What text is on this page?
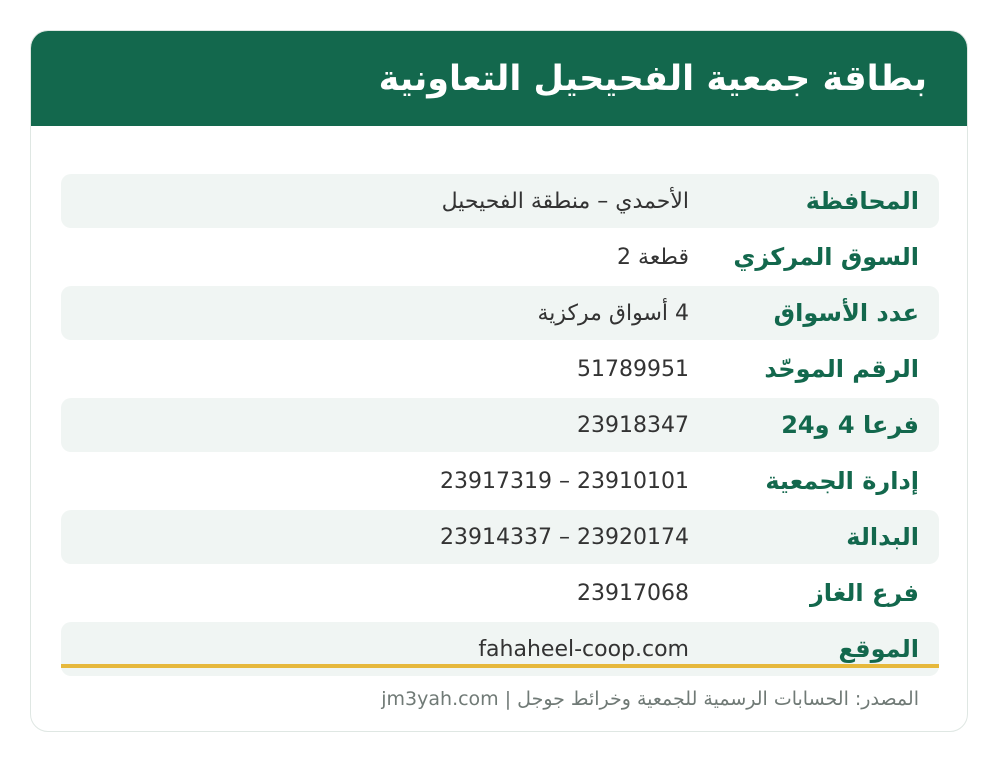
بطاقة جمعية الفحيحيل التعاونية
المحافظة
الأحمدي – منطقة الفحيحيل
السوق المركزي
قطعة 2
عدد الأسواق
4 أسواق مركزية
الرقم الموحّد
51789951
فرعا 4 و24
23918347
إدارة الجمعية
23917319 – 23910101
البدالة
23914337 – 23920174
فرع الغاز
23917068
الموقع
fahaheel-coop.com
المصدر: الحسابات الرسمية للجمعية وخرائط جوجل | jm3yah.com
